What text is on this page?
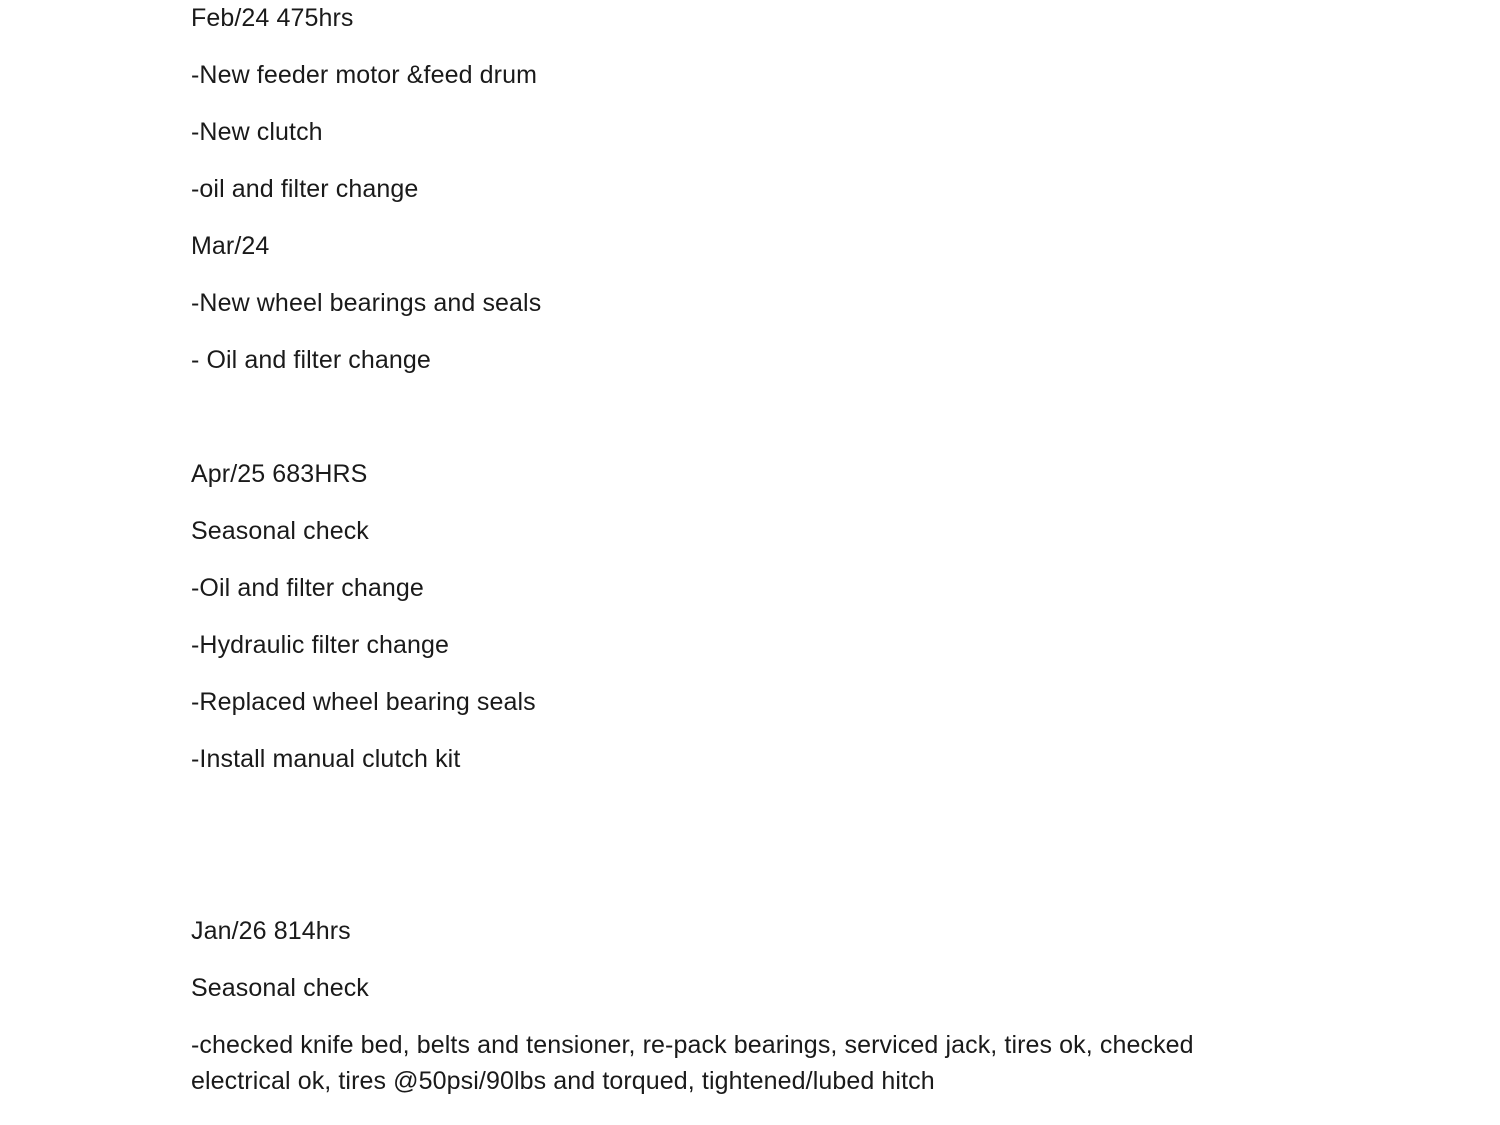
Feb/24 475hrs
-New feeder motor &feed drum
-New clutch
-oil and filter change
Mar/24
-New wheel bearings and seals
- Oil and filter change
Apr/25 683HRS
Seasonal check
-Oil and filter change
-Hydraulic filter change
-Replaced wheel bearing seals
-Install manual clutch kit
Jan/26 814hrs
Seasonal check
-checked knife bed, belts and tensioner, re-pack bearings, serviced jack, tires ok, checked electrical ok, tires @50psi/90lbs and torqued, tightened/lubed hitch
